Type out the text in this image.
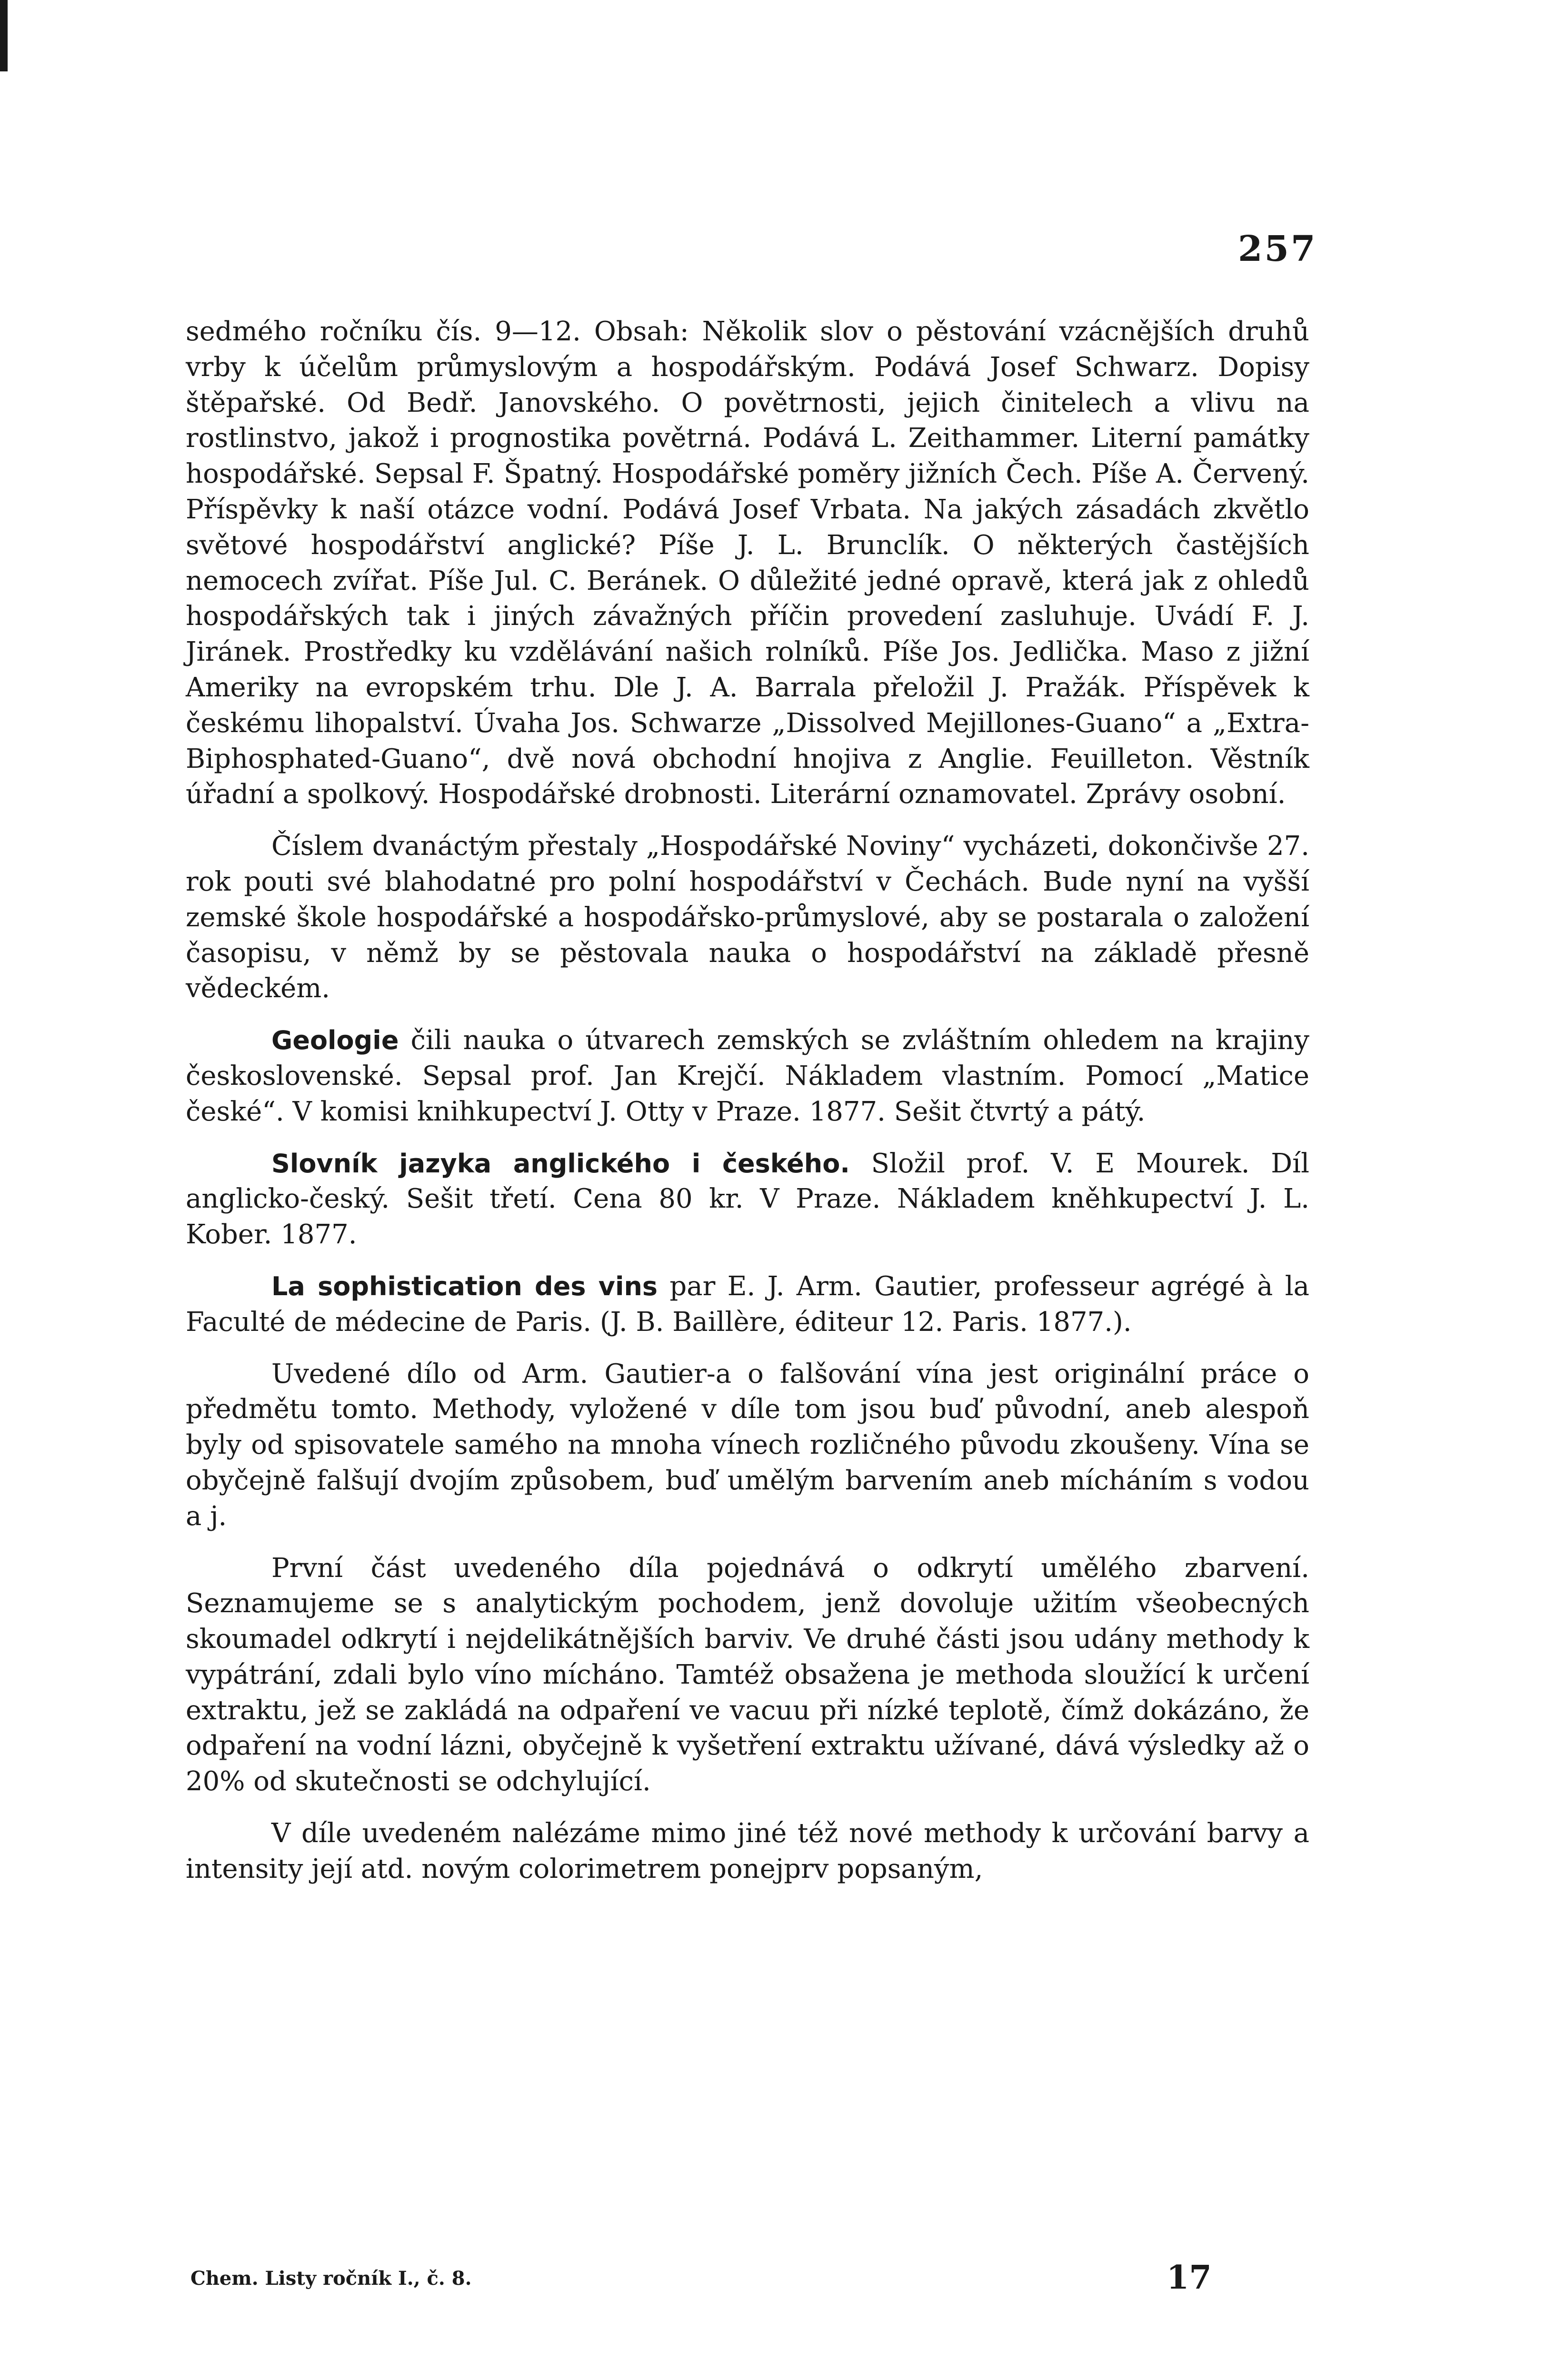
257

sedmého ročníku čís. 9—12. Obsah: Několik slov o pěstování vzácnějších druhů vrby k účelům průmyslovým a hospodářským. Podává Josef Schwarz. Dopisy štěpařské. Od Bedř. Janovského. O povětrnosti, jejich činitelech a vlivu na rostlinstvo, jakož i prognostika povětrná. Podává L. Zeithammer. Literní památky hospodářské. Sepsal F. Špatný. Hospodářské poměry jižních Čech. Píše A. Červený. Příspěvky k naší otázce vodní. Podává Josef Vrbata. Na jakých zásadách zkvětlo světové hospodářství anglické? Píše J. L. Brunclík. O některých častějších nemocech zvířat. Píše Jul. C. Beránek. O důležité jedné opravě, která jak z ohledů hospodářských tak i jiných závažných příčin provedení zasluhuje. Uvádí F. J. Jiránek. Prostředky ku vzdělávání našich rolníků. Píše Jos. Jedlička. Maso z jižní Ameriky na evropském trhu. Dle J. A. Barrala přeložil J. Pražák. Příspěvek k českému lihopalství. Úvaha Jos. Schwarze „Dissolved Mejillones-Guano“ a „Extra-Biphosphated-Guano“, dvě nová obchodní hnojiva z Anglie. Feuilleton. Věstník úřadní a spolkový. Hospodářské drobnosti. Literární oznamovatel. Zprávy osobní.

Číslem dvanáctým přestaly „Hospodářské Noviny“ vycházeti, dokončivše 27. rok pouti své blahodatné pro polní hospodářství v Čechách. Bude nyní na vyšší zemské škole hospodářské a hospodářsko-průmyslové, aby se postarala o založení časopisu, v němž by se pěstovala nauka o hospodářství na základě přesně vědeckém.

Geologie čili nauka o útvarech zemských se zvláštním ohledem na krajiny československé. Sepsal prof. Jan Krejčí. Nákladem vlastním. Pomocí „Matice české“. V komisi knihkupectví J. Otty v Praze. 1877. Sešit čtvrtý a pátý.

Slovník jazyka anglického i českého. Složil prof. V. E Mourek. Díl anglicko-český. Sešit třetí. Cena 80 kr. V Praze. Nákladem kněhkupectví J. L. Kober. 1877.

La sophistication des vins par E. J. Arm. Gautier, professeur agrégé à la Faculté de médecine de Paris. (J. B. Baillère, éditeur 12. Paris. 1877.).

Uvedené dílo od Arm. Gautier-a o falšování vína jest originální práce o předmětu tomto. Methody, vyložené v díle tom jsou buď původní, aneb alespoň byly od spisovatele samého na mnoha vínech rozličného původu zkoušeny. Vína se obyčejně falšují dvojím způsobem, buď umělým barvením aneb mícháním s vodou a j.

První část uvedeného díla pojednává o odkrytí umělého zbarvení. Seznamujeme se s analytickým pochodem, jenž dovoluje užitím všeobecných skoumadel odkrytí i nejdelikátnějších barviv. Ve druhé části jsou udány methody k vypátrání, zdali bylo víno mícháno. Tamtéž obsažena je methoda sloužící k určení extraktu, jež se zakládá na odpaření ve vacuu při nízké teplotě, čímž dokázáno, že odpaření na vodní lázni, obyčejně k vyšetření extraktu užívané, dává výsledky až o 20% od skutečnosti se odchylující.

V díle uvedeném nalézáme mimo jiné též nové methody k určování barvy a intensity její atd. novým colorimetrem ponejprv popsaným,

Chem. Listy ročník I., č. 8.	17
